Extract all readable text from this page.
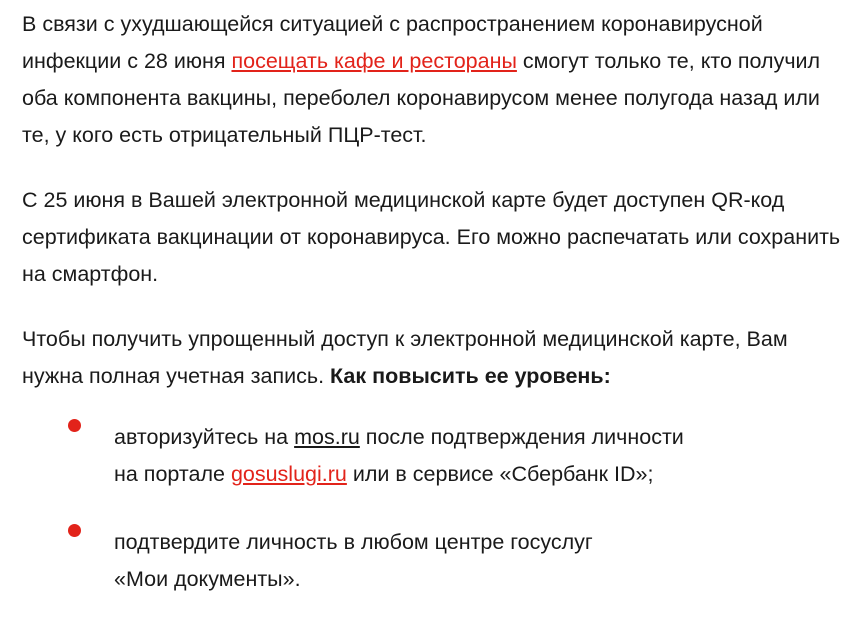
В связи с ухудшающейся ситуацией с распространением коронавирусной инфекции с 28 июня посещать кафе и рестораны смогут только те, кто получил оба компонента вакцины, переболел коронавирусом менее полугода назад или те, у кого есть отрицательный ПЦР-тест.

С 25 июня в Вашей электронной медицинской карте будет доступен QR-код сертификата вакцинации от коронавируса. Его можно распечатать или сохранить на смартфон.

Чтобы получить упрощенный доступ к электронной медицинской карте, Вам нужна полная учетная запись. Как повысить ее уровень:

авторизуйтесь на mos.ru после подтверждения личности
на портале gosuslugi.ru или в сервисе «Сбербанк ID»;
подтвердите личность в любом центре госуслуг
«Мои документы».
